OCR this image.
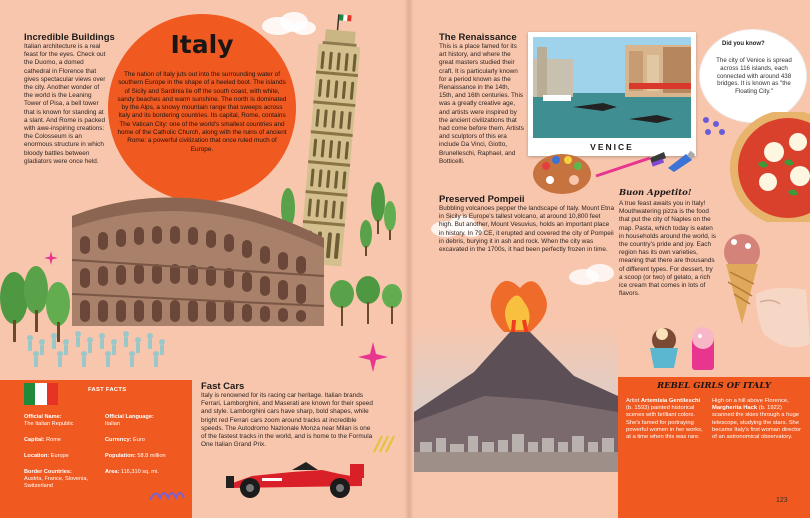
Incredible Buildings
Italian architecture is a real feast for the eyes. Check out the Duomo, a domed cathedral in Florence that gives spectacular views over the city. Another wonder of the world is the Leaning Tower of Pisa, a bell tower that is known for standing at a slant. And Rome is packed with awe-inspiring creations: the Colosseum is an enormous structure in which bloody battles between gladiators were once held.
Italy
The nation of Italy juts out into the surrounding water of southern Europe in the shape of a heeled boot. The islands of Sicily and Sardinia lie off the south coast, with white, sandy beaches and warm sunshine. The north is dominated by the Alps, a snowy mountain range that sweeps across Italy and its bordering countries. Its capital, Rome, contains The Vatican City: one of the world's smallest countries and home of the Catholic Church, along with the ruins of ancient Rome: a powerful civilization that once ruled much of Europe.
FAST FACTS
Official Name:
The Italian Republic
Official Language:
Italian
Capital: Rome	Currency: Euro
Location: Europe	Population: 58.8 million
Border Countries:
Austria, France, Slovenia, Switzerland
Area: 116,310 sq. mi.
Fast Cars
Italy is renowned for its racing car heritage. Italian brands Ferrari, Lamborghini, and Maserati are known for their speed and style. Lamborghini cars have sharp, bold shapes, while bright red Ferrari cars zoom around tracks at incredible speeds. The Autodromo Nazionale Monza near Milan is one of the fastest tracks in the world, and is home to the Formula One Italian Grand Prix.
The Renaissance
This is a place famed for its art history, and where the great masters studied their craft. It is particularly known for a period known as the Renaissance in the 14th, 15th, and 16th centuries. This was a greatly creative age, and artists were inspired by the ancient civilizations that had come before them. Artists and sculptors of this era include Da Vinci, Giotto, Brunelleschi, Raphael, and Botticelli.
VENICE
Did you know?
The city of Venice is spread across 116 islands, each connected with around 438 bridges. It is known as "the Floating City."
Preserved Pompeii
Bubbling volcanoes pepper the landscape of Italy. Mount Etna in Sicily is Europe's tallest volcano, at around 10,800 feet high. But another, Mount Vesuvius, holds an important place in history. In 79 CE, it erupted and covered the city of Pompeii in debris, burying it in ash and rock. When the city was excavated in the 1700s, it had been perfectly frozen in time.
Buon Appetito!
A true feast awaits you in Italy! Mouthwatering pizza is the food that put the city of Naples on the map. Pasta, which today is eaten in households around the world, is the country's pride and joy. Each region has its own varieties, meaning that there are thousands of different types. For dessert, try a scoop (or two) of gelato, a rich ice cream that comes in lots of flavors.
REBEL GIRLS OF ITALY
Artist Artemisia Gentileschi (b. 1593) painted historical scenes with brilliant colors. She's famed for portraying powerful women in her works, at a time when this was rare.
High on a hill above Florence, Margherita Hack (b. 1922) scanned the skies through a huge telescope, studying the stars. She became Italy's first woman director of an astronomical observatory.
123
